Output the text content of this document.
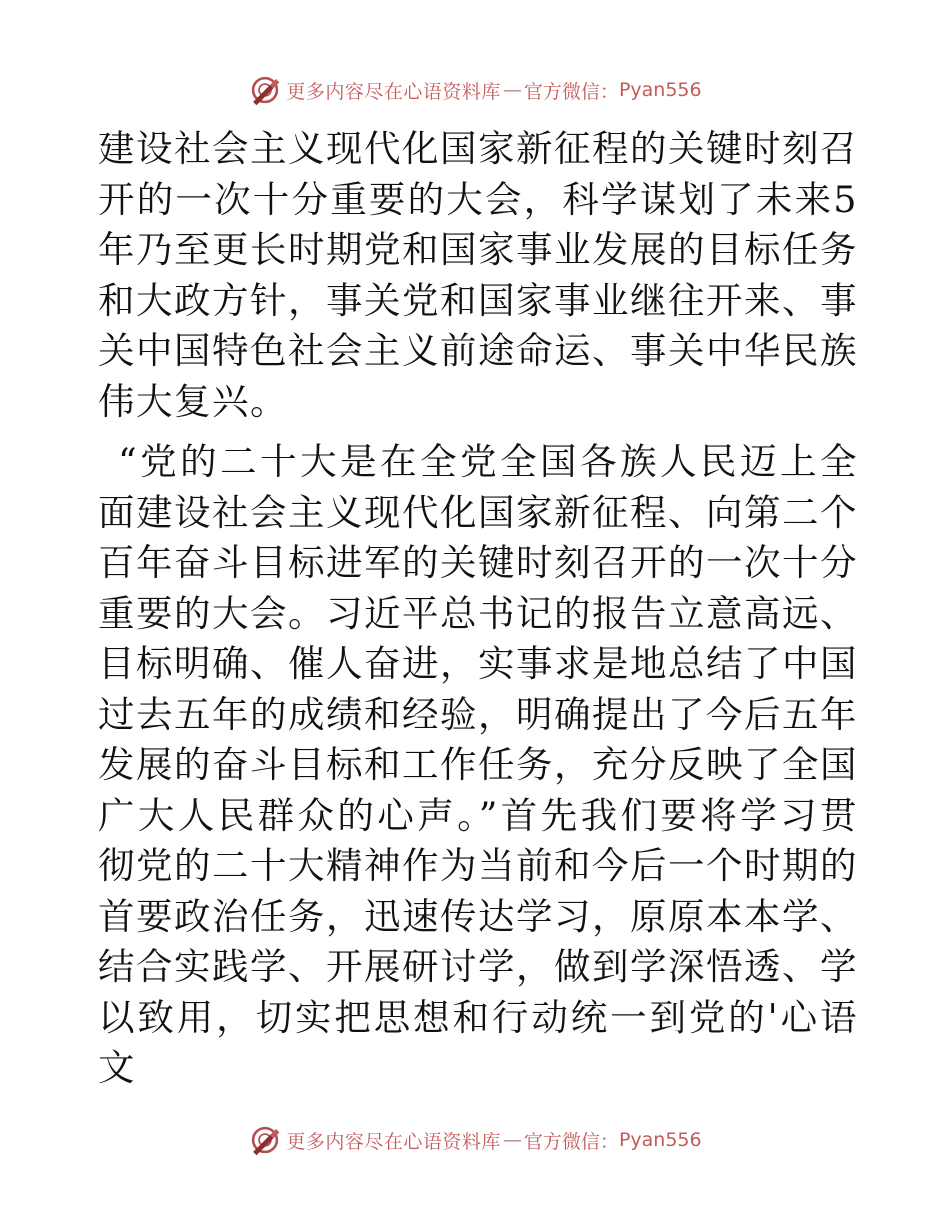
更多内容尽在心语资料库 — 官方微信： Pyan556

建设社会主义现代化国家新征程的关键时刻召开的一次十分重要的大会，科学谋划了未来5年乃至更长时期党和国家事业发展的目标任务和大政方针，事关党和国家事业继往开来、事关中国特色社会主义前途命运、事关中华民族伟大复兴。

“党的二十大是在全党全国各族人民迈上全面建设社会主义现代化国家新征程、向第二个百年奋斗目标进军的关键时刻召开的一次十分重要的大会。习近平总书记的报告立意高远、目标明确、催人奋进，实事求是地总结了中国过去五年的成绩和经验，明确提出了今后五年发展的奋斗目标和工作任务，充分反映了全国广大人民群众的心声。”首先我们要将学习贯彻党的二十大精神作为当前和今后一个时期的首要政治任务，迅速传达学习，原原本本学、结合实践学、开展研讨学，做到学深悟透、学以致用，切实把思想和行动统一到党的'心语文

更多内容尽在心语资料库 — 官方微信： Pyan556
